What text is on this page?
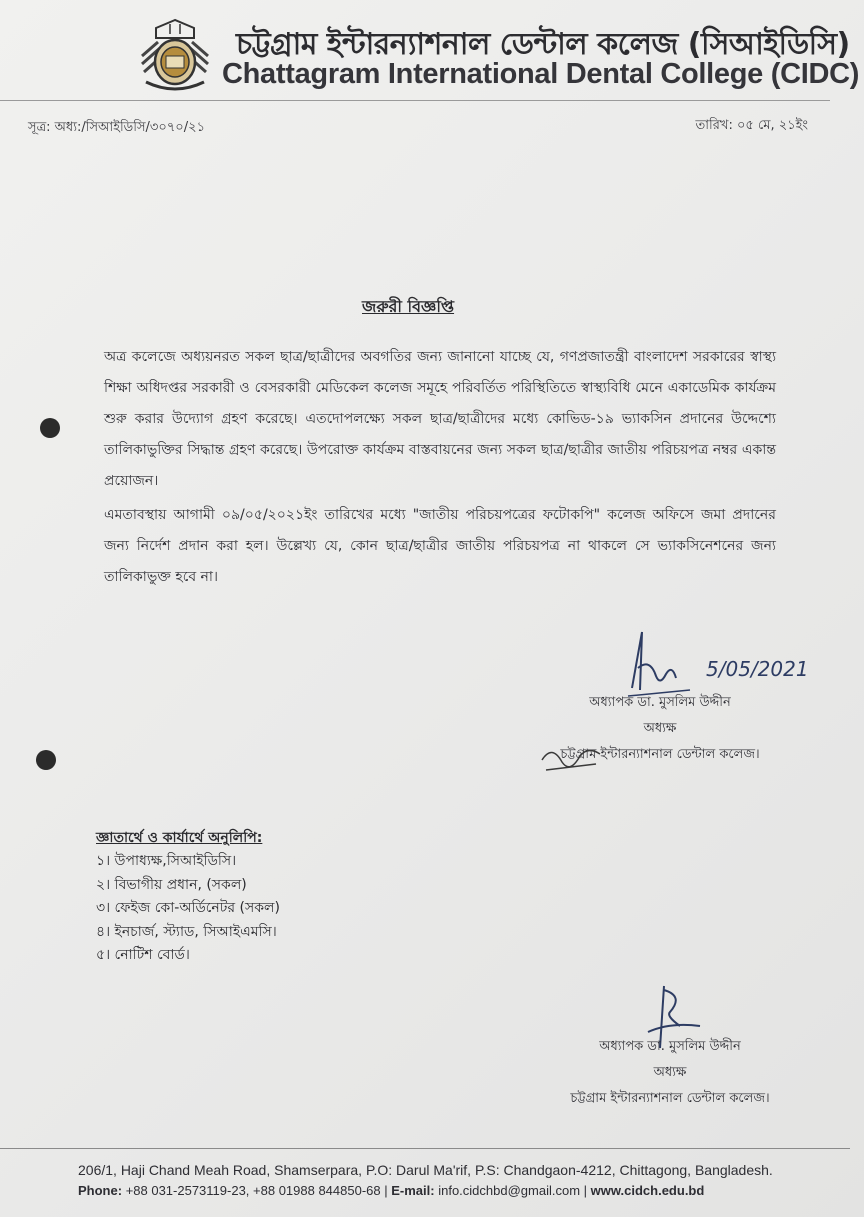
চট্টগ্রাম ইন্টারন্যাশনাল ডেন্টাল কলেজ (সিআইডিসি)
Chattagram International Dental College (CIDC)
সূত্র: অধ্য:/সিআইডিসি/৩০৭০/২১	তারিখ: ০৫ মে, ২১ইং
জরুরী বিজ্ঞপ্তি
অত্র কলেজে অধ্যয়নরত সকল ছাত্র/ছাত্রীদের অবগতির জন্য জানানো যাচ্ছে যে, গণপ্রজাতন্ত্রী বাংলাদেশ সরকারের স্বাস্থ্য শিক্ষা অধিদপ্তর সরকারী ও বেসরকারী মেডিকেল কলেজ সমূহে পরিবর্তিত পরিস্থিতিতে স্বাস্থ্যবিধি মেনে একাডেমিক কার্যক্রম শুরু করার উদ্যোগ গ্রহণ করেছে। এতদোপলক্ষ্যে সকল ছাত্র/ছাত্রীদের মধ্যে কোভিড-১৯ ভ্যাকসিন প্রদানের উদ্দেশ্যে তালিকাভুক্তির সিদ্ধান্ত গ্রহণ করেছে। উপরোক্ত কার্যক্রম বাস্তবায়নের জন্য সকল ছাত্র/ছাত্রীর জাতীয় পরিচয়পত্র নম্বর একান্ত প্রয়োজন।
এমতাবস্থায় আগামী ০৯/০৫/২০২১ইং তারিখের মধ্যে "জাতীয় পরিচয়পত্রের ফটোকপি" কলেজ অফিসে জমা প্রদানের জন্য নির্দেশ প্রদান করা হল। উল্লেখ্য যে, কোন ছাত্র/ছাত্রীর জাতীয় পরিচয়পত্র না থাকলে সে ভ্যাকসিনেশনের জন্য তালিকাভুক্ত হবে না।
5/05/2021
অধ্যাপক ডা. মুসলিম উদ্দীন
অধ্যক্ষ
চট্টগ্রাম ইন্টারন্যাশনাল ডেন্টাল কলেজ।
জ্ঞাতার্থে ও কার্যার্থে অনুলিপি:
১। উপাধ্যক্ষ,সিআইডিসি।
২। বিভাগীয় প্রধান, (সকল)
৩। ফেইজ কো-অর্ডিনেটর (সকল)
৪। ইনচার্জ, স্ট্যাড, সিআইএমসি।
৫। নোটিশ বোর্ড।
অধ্যাপক ডা. মুসলিম উদ্দীন
অধ্যক্ষ
চট্টগ্রাম ইন্টারন্যাশনাল ডেন্টাল কলেজ।
206/1, Haji Chand Meah Road, Shamserpara, P.O: Darul Ma'rif, P.S: Chandgaon-4212, Chittagong, Bangladesh.
Phone: +88 031-2573119-23, +88 01988 844850-68 | E-mail: info.cidchbd@gmail.com | www.cidch.edu.bd
